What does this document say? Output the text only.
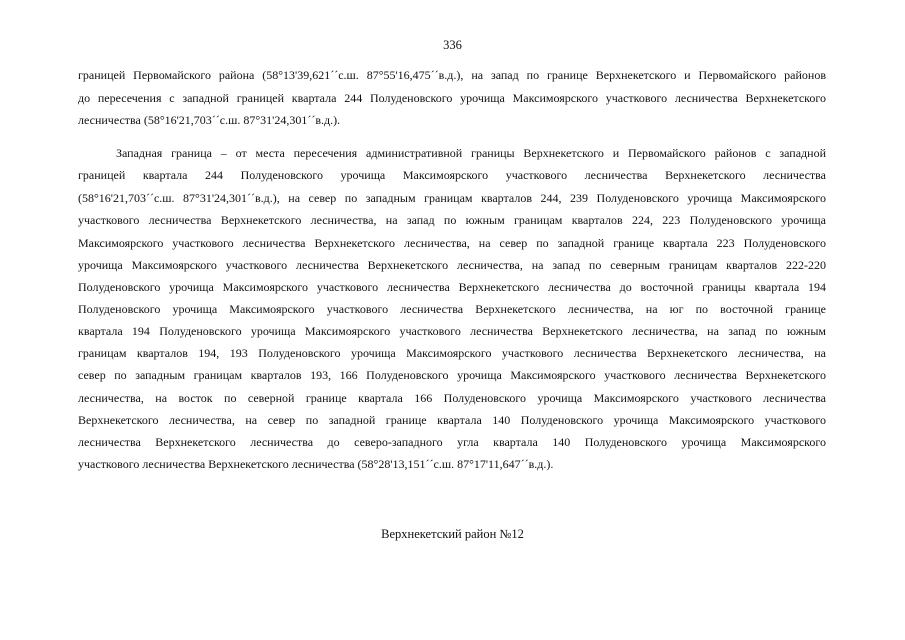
336
границей Первомайского района (58°13'39,621´´с.ш. 87°55'16,475´´в.д.), на запад по границе Верхнекетского и Первомайского районов
до пересечения с западной границей квартала 244 Полуденовского урочища Максимоярского участкового лесничества Верхнекетского
лесничества (58°16'21,703´´с.ш. 87°31'24,301´´в.д.).
Западная граница – от места пересечения административной границы Верхнекетского и Первомайского районов с западной
границей квартала 244 Полуденовского урочища Максимоярского участкового лесничества Верхнекетского лесничества
(58°16'21,703´´с.ш. 87°31'24,301´´в.д.), на север по западным границам кварталов 244, 239 Полуденовского урочища Максимоярского
участкового лесничества Верхнекетского лесничества, на запад по южным границам кварталов 224, 223 Полуденовского урочища
Максимоярского участкового лесничества Верхнекетского лесничества, на север по западной границе квартала 223 Полуденовского
урочища Максимоярского участкового лесничества Верхнекетского лесничества, на запад по северным границам кварталов 222-220
Полуденовского урочища Максимоярского участкового лесничества Верхнекетского лесничества до восточной границы квартала 194
Полуденовского урочища Максимоярского участкового лесничества Верхнекетского лесничества, на юг по восточной границе
квартала 194 Полуденовского урочища Максимоярского участкового лесничества Верхнекетского лесничества, на запад по южным
границам кварталов 194, 193 Полуденовского урочища Максимоярского участкового лесничества Верхнекетского лесничества, на
север по западным границам кварталов 193, 166 Полуденовского урочища Максимоярского участкового лесничества Верхнекетского
лесничества, на восток по северной границе квартала 166 Полуденовского урочища Максимоярского участкового лесничества
Верхнекетского лесничества, на север по западной границе квартала 140 Полуденовского урочища Максимоярского участкового
лесничества Верхнекетского лесничества до северо-западного угла квартала 140 Полуденовского урочища Максимоярского
участкового лесничества Верхнекетского лесничества (58°28'13,151´´с.ш. 87°17'11,647´´в.д.).
Верхнекетский район №12
